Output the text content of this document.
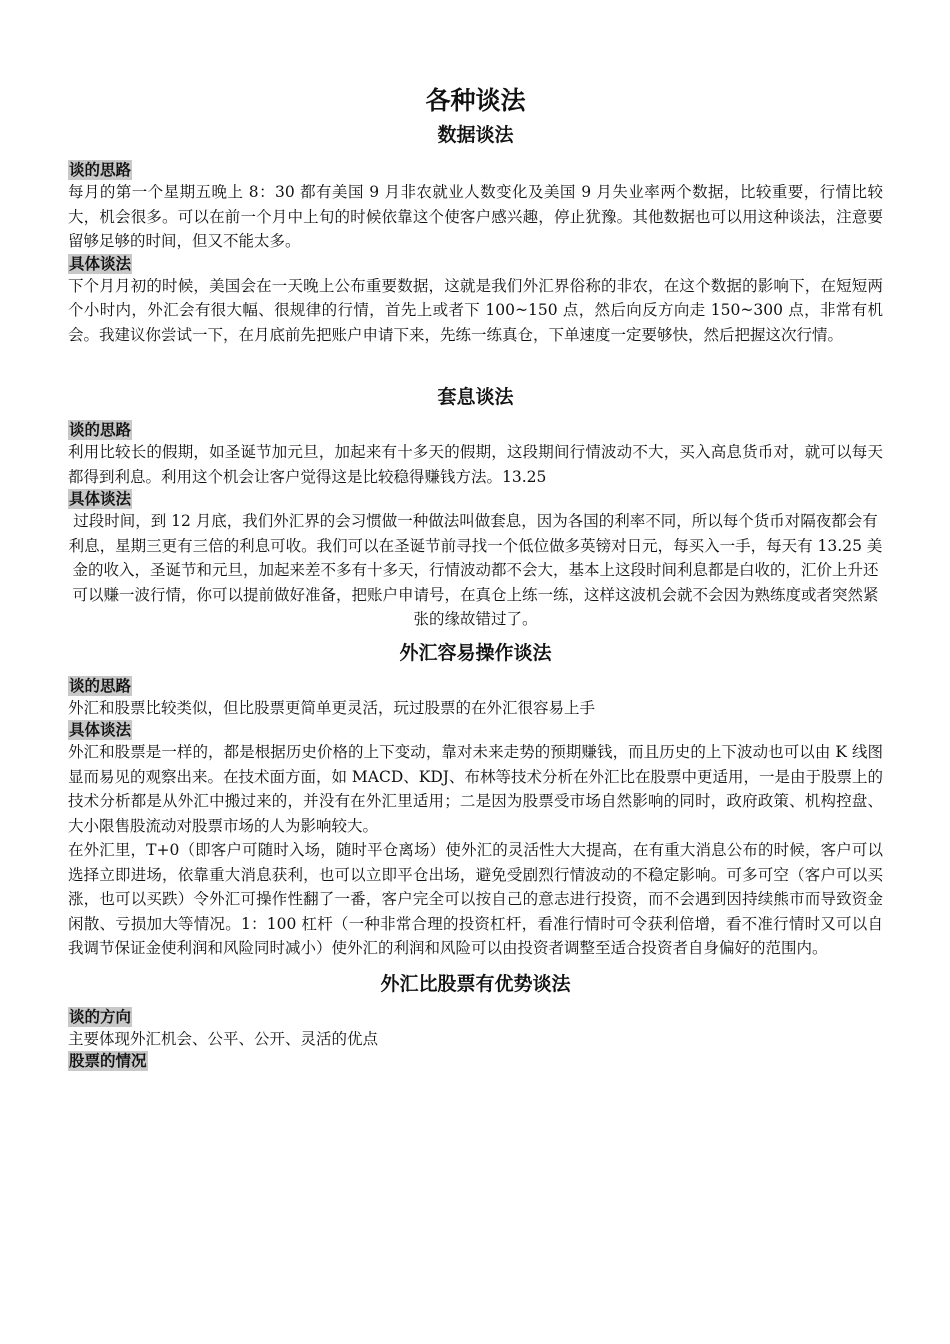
各种谈法
数据谈法
谈的思路

每月的第一个星期五晚上 8：30 都有美国 9 月非农就业人数变化及美国 9 月失业率两个数据，比较重要，行情比较大，机会很多。可以在前一个月中上旬的时候依靠这个使客户感兴趣，停止犹豫。其他数据也可以用这种谈法，注意要留够足够的时间，但又不能太多。

具体谈法

下个月月初的时候，美国会在一天晚上公布重要数据，这就是我们外汇界俗称的非农，在这个数据的影响下，在短短两个小时内，外汇会有很大幅、很规律的行情，首先上或者下 100~150 点，然后向反方向走 150~300 点，非常有机会。我建议你尝试一下，在月底前先把账户申请下来，先练一练真仓，下单速度一定要够快，然后把握这次行情。

套息谈法
谈的思路

利用比较长的假期，如圣诞节加元旦，加起来有十多天的假期，这段期间行情波动不大，买入高息货币对，就可以每天都得到利息。利用这个机会让客户觉得这是比较稳得赚钱方法。13.25

具体谈法

过段时间，到 12 月底，我们外汇界的会习惯做一种做法叫做套息，因为各国的利率不同，所以每个货币对隔夜都会有利息，星期三更有三倍的利息可收。我们可以在圣诞节前寻找一个低位做多英镑对日元，每买入一手，每天有 13.25 美金的收入，圣诞节和元旦，加起来差不多有十多天，行情波动都不会大，基本上这段时间利息都是白收的，汇价上升还可以赚一波行情，你可以提前做好准备，把账户申请号，在真仓上练一练，这样这波机会就不会因为熟练度或者突然紧张的缘故错过了。

外汇容易操作谈法
谈的思路

外汇和股票比较类似，但比股票更简单更灵活，玩过股票的在外汇很容易上手

具体谈法

外汇和股票是一样的，都是根据历史价格的上下变动，靠对未来走势的预期赚钱，而且历史的上下波动也可以由 K 线图显而易见的观察出来。在技术面方面，如 MACD、KDJ、布林等技术分析在外汇比在股票中更适用，一是由于股票上的技术分析都是从外汇中搬过来的，并没有在外汇里适用；二是因为股票受市场自然影响的同时，政府政策、机构控盘、大小限售股流动对股票市场的人为影响较大。

在外汇里，T+0（即客户可随时入场，随时平仓离场）使外汇的灵活性大大提高，在有重大消息公布的时候，客户可以选择立即进场，依靠重大消息获利，也可以立即平仓出场，避免受剧烈行情波动的不稳定影响。可多可空（客户可以买涨，也可以买跌）令外汇可操作性翻了一番，客户完全可以按自己的意志进行投资，而不会遇到因持续熊市而导致资金闲散、亏损加大等情况。1：100 杠杆（一种非常合理的投资杠杆，看准行情时可令获利倍增，看不准行情时又可以自我调节保证金使利润和风险同时减小）使外汇的利润和风险可以由投资者调整至适合投资者自身偏好的范围内。

外汇比股票有优势谈法
谈的方向

主要体现外汇机会、公平、公开、灵活的优点

股票的情况
